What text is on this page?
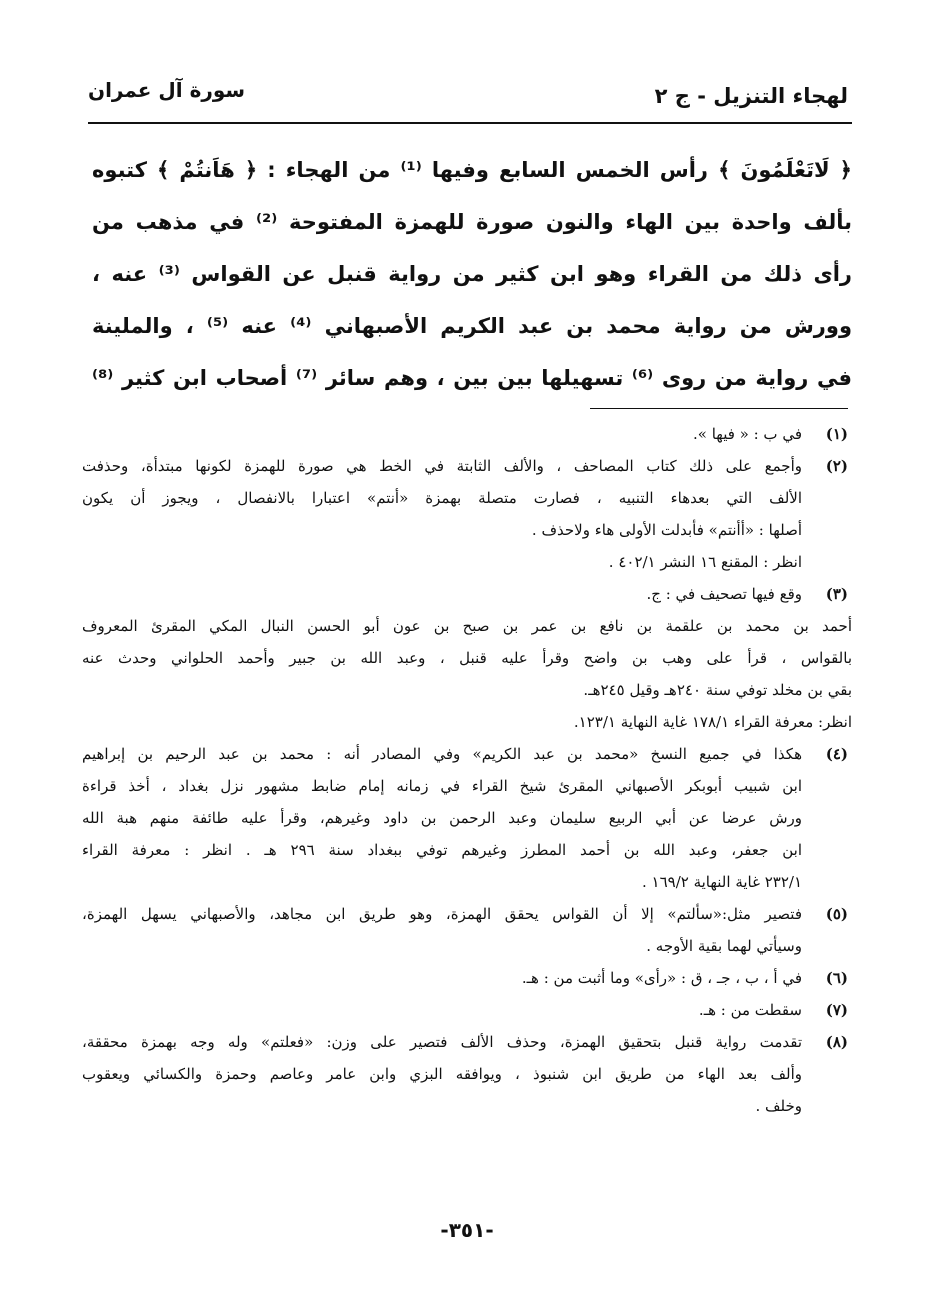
لهجاء التنزيل - ج ٢
سورة آل عمران
﴿ لَاتَعْلَمُونَ ﴾ رأس الخمس السابع وفيها ⁽¹⁾ من الهجاء : ﴿ هَاَنتُمْ ﴾ كتبوه
بألف واحدة بين الهاء والنون صورة للهمزة المفتوحة ⁽²⁾ في مذهب من
رأى ذلك من القراء وهو ابن كثير من رواية قنبل عن القواس ⁽³⁾ عنه ،
وورش من رواية محمد بن عبد الكريم الأصبهاني ⁽⁴⁾ عنه ⁽⁵⁾ ، والملينة
في رواية من روى ⁽⁶⁾ تسهيلها بين بين ، وهم سائر ⁽⁷⁾ أصحاب ابن كثير ⁽⁸⁾
(١)
في ب : « فيها ».
(٢)
وأجمع على ذلك كتاب المصاحف ، والألف الثابتة في الخط هي صورة للهمزة لكونها مبتدأة، وحذفت
الألف التي بعدهاء التنبيه ، فصارت متصلة بهمزة «أنتم» اعتبارا بالانفصال ، ويجوز أن يكون
أصلها : «أأنتم» فأبدلت الأولى هاء ولاحذف .
انظر : المقنع ١٦ النشر ٤٠٢/١ .
(٣)
وقع فيها تصحيف في : ج.
أحمد بن محمد بن علقمة بن نافع بن عمر بن صبح بن عون أبو الحسن النبال المكي المقرئ المعروف
بالقواس ، قرأ على وهب بن واضح وقرأ عليه قنبل ، وعبد الله بن جبير وأحمد الحلواني وحدث عنه
بقي بن مخلد توفي سنة ٢٤٠هـ وقيل ٢٤٥هـ.
انظر: معرفة القراء ١٧٨/١ غاية النهاية ١٢٣/١.
(٤)
هكذا في جميع النسخ «محمد بن عبد الكريم» وفي المصادر أنه : محمد بن عبد الرحيم بن إبراهيم
ابن شبيب أبوبكر الأصبهاني المقرئ شيخ القراء في زمانه إمام ضابط مشهور نزل بغداد ، أخذ قراءة
ورش عرضا عن أبي الربيع سليمان وعبد الرحمن بن داود وغيرهم، وقرأ عليه طائفة منهم هبة الله
ابن جعفر، وعبد الله بن أحمد المطرز وغيرهم توفي ببغداد سنة ٢٩٦ هـ . انظر : معرفة القراء
٢٣٢/١ غاية النهاية ١٦٩/٢ .
(٥)
فتصير مثل:«سألتم» إلا أن القواس يحقق الهمزة، وهو طريق ابن مجاهد، والأصبهاني يسهل الهمزة،
وسيأتي لهما بقية الأوجه .
(٦)
في أ ، ب ، جـ ، ق : «رأى» وما أثبت من : هـ.
(٧)
سقطت من : هـ.
(٨)
تقدمت رواية قنبل بتحقيق الهمزة، وحذف الألف فتصير على وزن: «فعلتم» وله وجه بهمزة محققة،
وألف بعد الهاء من طريق ابن شنبوذ ، ويوافقه البزي وابن عامر وعاصم وحمزة والكسائي ويعقوب
وخلف .
-٣٥١-
